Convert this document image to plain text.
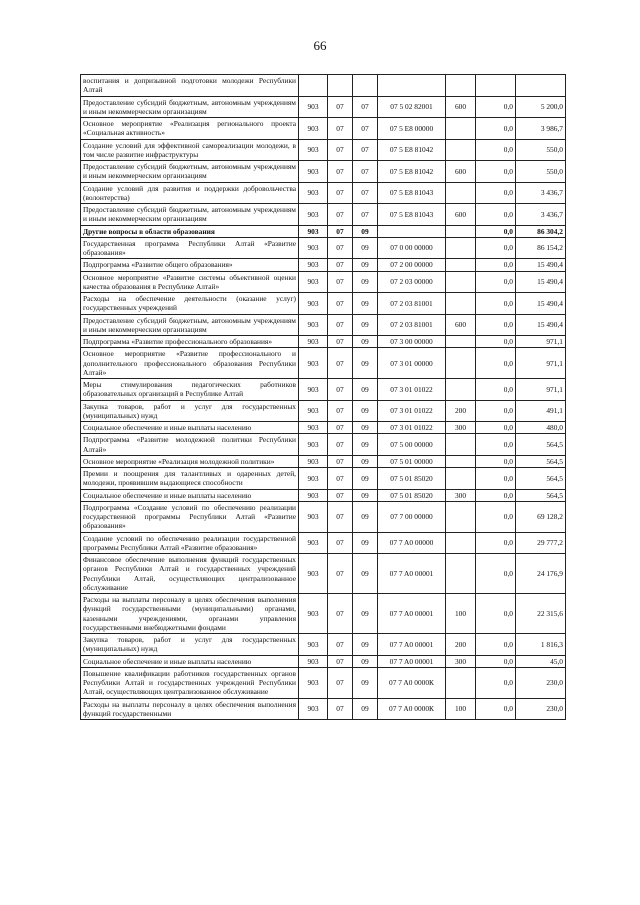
66
воспитания и допризывной подготовки молодежи Республики Алтай							
Предоставление субсидий бюджетным, автономным учреждениям и иным некоммерческим организациям	903	07	07	07 5 02 82001	600	0,0	5 200,0
Основное мероприятие «Реализация регионального проекта «Социальная активность»	903	07	07	07 5 E8 00000		0,0	3 986,7
Создание условий для эффективной самореализации молодежи, в том числе развитие инфраструктуры	903	07	07	07 5 E8 81042		0,0	550,0
Предоставление субсидий бюджетным, автономным учреждениям и иным некоммерческим организациям	903	07	07	07 5 E8 81042	600	0,0	550,0
Создание условий для развития и поддержки добровольчества (волонтерства)	903	07	07	07 5 E8 81043		0,0	3 436,7
Предоставление субсидий бюджетным, автономным учреждениям и иным некоммерческим организациям	903	07	07	07 5 E8 81043	600	0,0	3 436,7
Другие вопросы в области образования	903	07	09			0,0	86 304,2
Государственная программа Республики Алтай «Развитие образования»	903	07	09	07 0 00 00000		0,0	86 154,2
Подпрограмма «Развитие общего образования»	903	07	09	07 2 00 00000		0,0	15 490,4
Основное мероприятие «Развитие системы объективной оценки качества образования в Республике Алтай»	903	07	09	07 2 03 00000		0,0	15 490,4
Расходы на обеспечение деятельности (оказание услуг) государственных учреждений	903	07	09	07 2 03 81001		0,0	15 490,4
Предоставление субсидий бюджетным, автономным учреждениям и иным некоммерческим организациям	903	07	09	07 2 03 81001	600	0,0	15 490,4
Подпрограмма «Развитие профессионального образования»	903	07	09	07 3 00 00000		0,0	971,1
Основное мероприятие «Развитие профессионального и дополнительного профессионального образования Республики Алтай»	903	07	09	07 3 01 00000		0,0	971,1
Меры стимулирования педагогических работников образовательных организаций в Республике Алтай	903	07	09	07 3 01 01022		0,0	971,1
Закупка товаров, работ и услуг для государственных (муниципальных) нужд	903	07	09	07 3 01 01022	200	0,0	491,1
Социальное обеспечение и иные выплаты населению	903	07	09	07 3 01 01022	300	0,0	480,0
Подпрограмма «Развитие молодежной политики Республики Алтай»	903	07	09	07 5 00 00000		0,0	564,5
Основное мероприятие «Реализация молодежной политики»	903	07	09	07 5 01 00000		0,0	564,5
Премии и поощрения для талантливых и одаренных детей, молодежи, проявившим выдающиеся способности	903	07	09	07 5 01 85020		0,0	564,5
Социальное обеспечение и иные выплаты населению	903	07	09	07 5 01 85020	300	0,0	564,5
Подпрограмма «Создание условий по обеспечению реализации государственной программы Республики Алтай «Развитие образования»	903	07	09	07 7 00 00000		0,0	69 128,2
Создание условий по обеспечению реализации государственной программы Республики Алтай «Развитие образования»	903	07	09	07 7 A0 00000		0,0	29 777,2
Финансовое обеспечение выполнения функций государственных органов Республики Алтай и государственных учреждений Республики Алтай, осуществляющих централизованное обслуживание	903	07	09	07 7 A0 00001		0,0	24 176,9
Расходы на выплаты персоналу в целях обеспечения выполнения функций государственными (муниципальными) органами, казенными учреждениями, органами управления государственными внебюджетными фондами	903	07	09	07 7 A0 00001	100	0,0	22 315,6
Закупка товаров, работ и услуг для государственных (муниципальных) нужд	903	07	09	07 7 A0 00001	200	0,0	1 816,3
Социальное обеспечение и иные выплаты населению	903	07	09	07 7 A0 00001	300	0,0	45,0
Повышение квалификации работников государственных органов Республики Алтай и государственных учреждений Республики Алтай, осуществляющих централизованное обслуживание	903	07	09	07 7 A0 0000К		0,0	230,0
Расходы на выплаты персоналу в целях обеспечения выполнения функций государственными	903	07	09	07 7 A0 0000К	100	0,0	230,0
